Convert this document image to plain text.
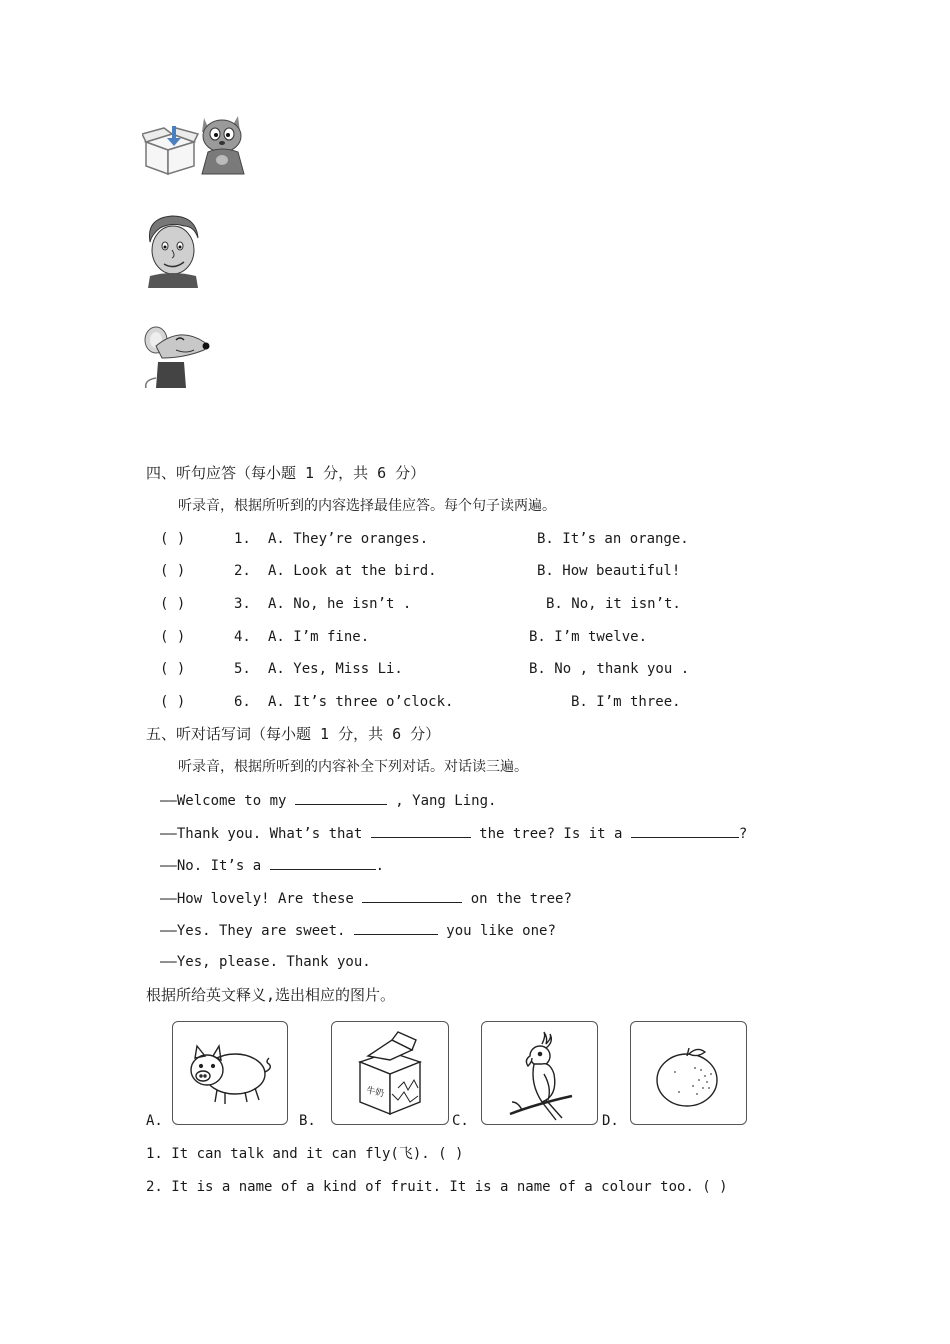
四、听句应答（每小题 1 分，共 6 分）
听录音，根据所听到的内容选择最佳应答。每个句子读两遍。
( )	1. A. They’re oranges.	B. It’s an orange.
( )	2. A. Look at the bird.	B. How beautiful!
( )	3. A. No, he isn’t .	B. No, it isn’t.
( )	4. A. I’m fine.	B. I’m twelve.
( )	5. A. Yes, Miss Li.	B. No , thank you .
( )	6. A. It’s three o’clock.	B. I’m three.
五、听对话写词（每小题 1 分，共 6 分）
听录音，根据所听到的内容补全下列对话。对话读三遍。
——Welcome to my	, Yang Ling.
——Thank you. What’s that	the tree? Is it a	?
——No. It’s a	.
——How lovely! Are these	on the tree?
——Yes. They are sweet.	you like one?
——Yes, please. Thank you.
根据所给英文释义,选出相应的图片。
A.
牛奶
B.	C.	D.
1. It can talk and it can fly(飞). ( )
2. It is a name of a kind of fruit. It is a name of a colour too. ( )
